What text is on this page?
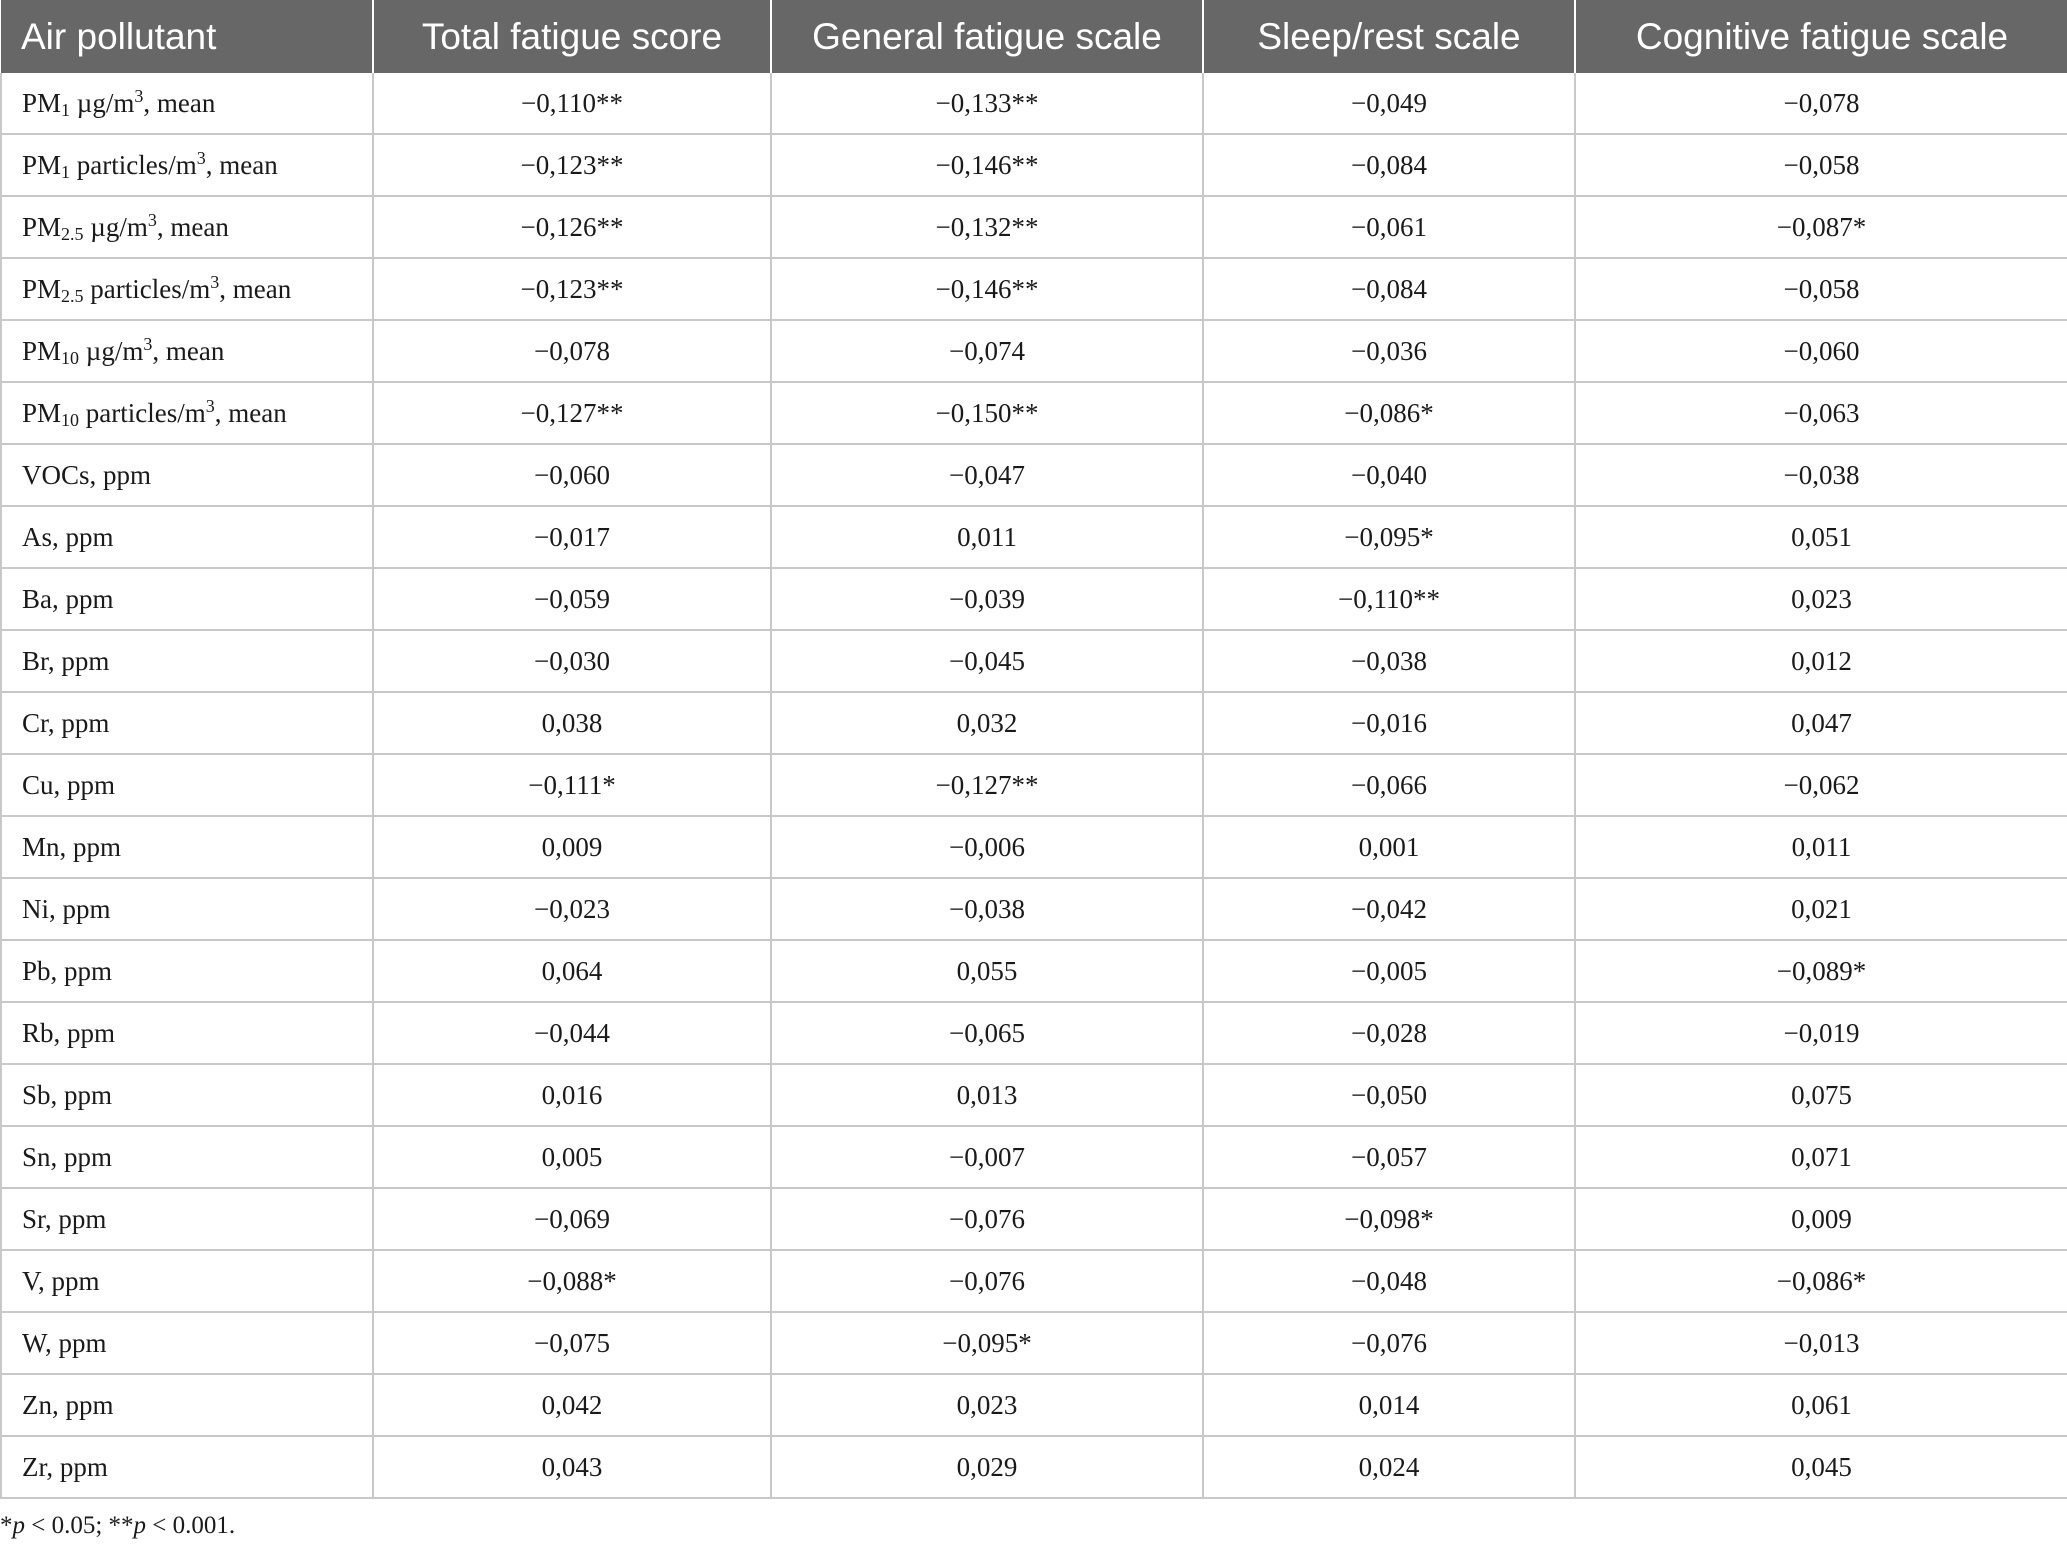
Air pollutant	Total fatigue score	General fatigue scale	Sleep/rest scale	Cognitive fatigue scale
$PM_1$ $\mu g/m^3$, mean	−0,110**	−0,133**	−0,049	−0,078
$PM_1$ particles/$m^3$, mean	−0,123**	−0,146**	−0,084	−0,058
$PM_{2.5}$ $\mu g/m^3$, mean	−0,126**	−0,132**	−0,061	−0,087*
$PM_{2.5}$ particles/$m^3$, mean	−0,123**	−0,146**	−0,084	−0,058
$PM_{10}$ $\mu g/m^3$, mean	−0,078	−0,074	−0,036	−0,060
$PM_{10}$ particles/$m^3$, mean	−0,127**	−0,150**	−0,086*	−0,063
VOCs, ppm	−0,060	−0,047	−0,040	−0,038
As, ppm	−0,017	0,011	−0,095*	0,051
Ba, ppm	−0,059	−0,039	−0,110**	0,023
Br, ppm	−0,030	−0,045	−0,038	0,012
Cr, ppm	0,038	0,032	−0,016	0,047
Cu, ppm	−0,111*	−0,127**	−0,066	−0,062
Mn, ppm	0,009	−0,006	0,001	0,011
Ni, ppm	−0,023	−0,038	−0,042	0,021
Pb, ppm	0,064	0,055	−0,005	−0,089*
Rb, ppm	−0,044	−0,065	−0,028	−0,019
Sb, ppm	0,016	0,013	−0,050	0,075
Sn, ppm	0,005	−0,007	−0,057	0,071
Sr, ppm	−0,069	−0,076	−0,098*	0,009
V, ppm	−0,088*	−0,076	−0,048	−0,086*
W, ppm	−0,075	−0,095*	−0,076	−0,013
Zn, ppm	0,042	0,023	0,014	0,061
Zr, ppm	0,043	0,029	0,024	0,045
*p < 0.05; **p < 0.001.
